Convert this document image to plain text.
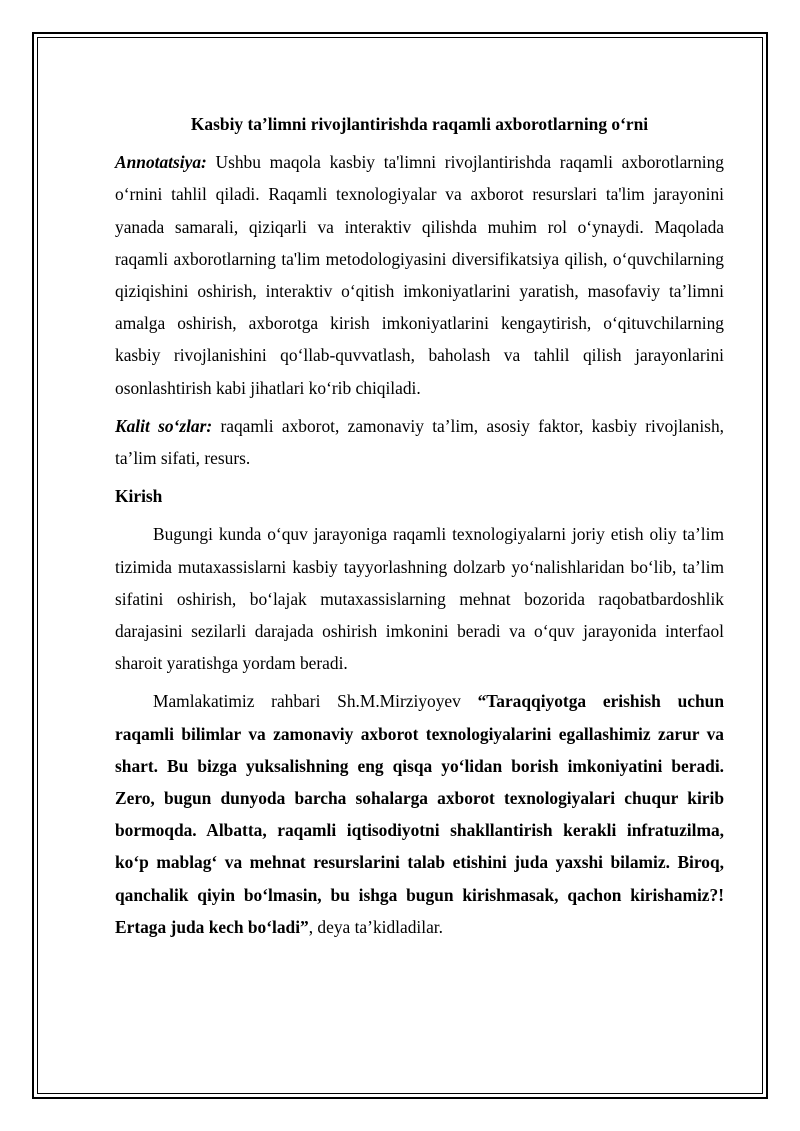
Kasbiy ta’limni rivojlantirishda raqamli axborotlarning o‘rni

Annotatsiya: Ushbu maqola kasbiy ta'limni rivojlantirishda raqamli axborotlarning o‘rnini tahlil qiladi. Raqamli texnologiyalar va axborot resurslari ta'lim jarayonini yanada samarali, qiziqarli va interaktiv qilishda muhim rol o‘ynaydi. Maqolada raqamli axborotlarning ta'lim metodologiyasini diversifikatsiya qilish, o‘quvchilarning qiziqishini oshirish, interaktiv o‘qitish imkoniyatlarini yaratish, masofaviy ta’limni amalga oshirish, axborotga kirish imkoniyatlarini kengaytirish, o‘qituvchilarning kasbiy rivojlanishini qo‘llab-quvvatlash, baholash va tahlil qilish jarayonlarini osonlashtirish kabi jihatlari ko‘rib chiqiladi.

Kalit so‘zlar: raqamli axborot, zamonaviy ta’lim, asosiy faktor, kasbiy rivojlanish, ta’lim sifati, resurs.

Kirish

Bugungi kunda o‘quv jarayoniga raqamli texnologiyalarni joriy etish oliy ta’lim tizimida mutaxassislarni kasbiy tayyorlashning dolzarb yo‘nalishlaridan bo‘lib, ta’lim sifatini oshirish, bo‘lajak mutaxassislarning mehnat bozorida raqobatbardoshlik darajasini sezilarli darajada oshirish imkonini beradi va o‘quv jarayonida interfaol sharoit yaratishga yordam beradi.

Mamlakatimiz rahbari Sh.M.Mirziyoyev “Taraqqiyotga erishish uchun raqamli bilimlar va zamonaviy axborot texnologiyalarini egallashimiz zarur va shart. Bu bizga yuksalishning eng qisqa yo‘lidan borish imkoniyatini beradi. Zero, bugun dunyoda barcha sohalarga axborot texnologiyalari chuqur kirib bormoqda. Albatta, raqamli iqtisodiyotni shakllantirish kerakli infratuzilma, ko‘p mablag‘ va mehnat resurslarini talab etishini juda yaxshi bilamiz. Biroq, qanchalik qiyin bo‘lmasin, bu ishga bugun kirishmasak, qachon kirishamiz?! Ertaga juda kech bo‘ladi”, deya ta’kidladilar.
